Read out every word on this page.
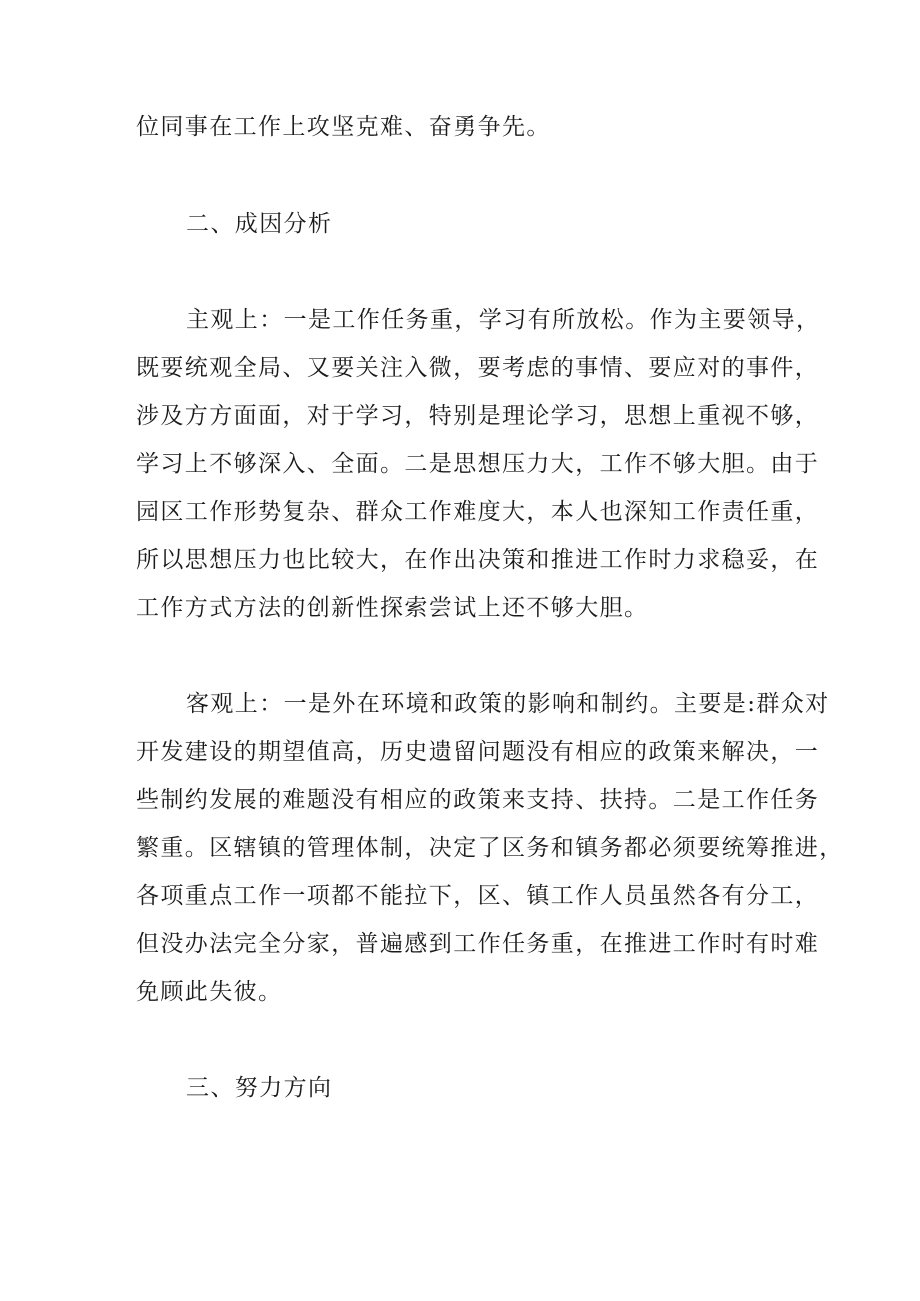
位同事在工作上攻坚克难、奋勇争先。
二、成因分析
主观上：一是工作任务重，学习有所放松。作为主要领导，
既要统观全局、又要关注入微，要考虑的事情、要应对的事件，
涉及方方面面，对于学习，特别是理论学习，思想上重视不够，
学习上不够深入、全面。二是思想压力大，工作不够大胆。由于
园区工作形势复杂、群众工作难度大，本人也深知工作责任重，
所以思想压力也比较大，在作出决策和推进工作时力求稳妥，在
工作方式方法的创新性探索尝试上还不够大胆。
客观上：一是外在环境和政策的影响和制约。主要是:群众对
开发建设的期望值高，历史遗留问题没有相应的政策来解决，一
些制约发展的难题没有相应的政策来支持、扶持。二是工作任务
繁重。区辖镇的管理体制，决定了区务和镇务都必须要统筹推进，
各项重点工作一项都不能拉下，区、镇工作人员虽然各有分工，
但没办法完全分家，普遍感到工作任务重，在推进工作时有时难
免顾此失彼。
三、努力方向
